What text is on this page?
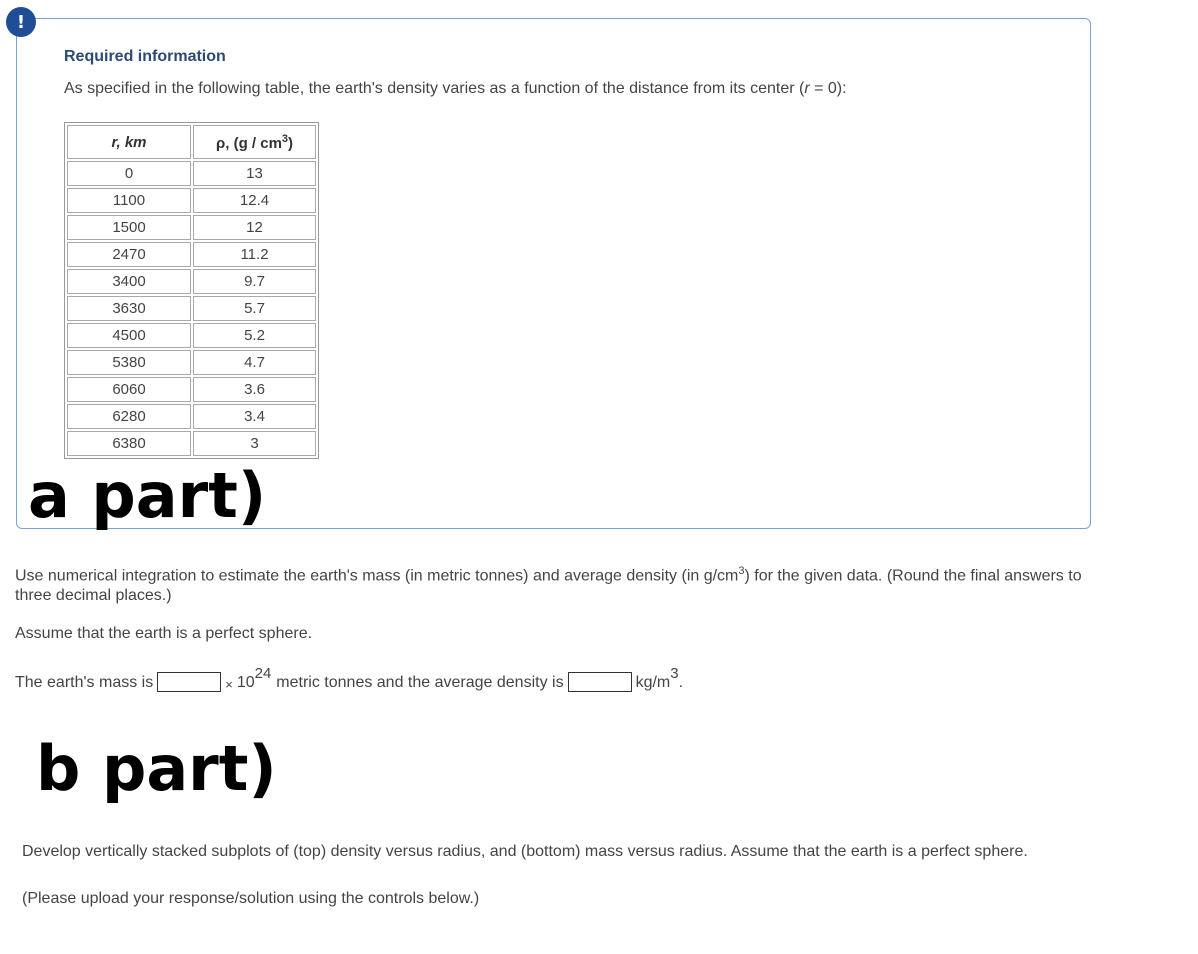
!
Required information
As specified in the following table, the earth's density varies as a function of the distance from its center (r = 0):
r, km	ρ, $(g / cm^3)$
0	13
1100	12.4
1500	12
2470	11.2
3400	9.7
3630	5.7
4500	5.2
5380	4.7
6060	3.6
6280	3.4
6380	3
a part)
Use numerical integration to estimate the earth's mass (in metric tonnes) and average density (in $g/cm^3$) for the given data. (Round the final answers to three decimal places.)
Assume that the earth is a perfect sphere.
The earth's mass is	× 10
$^{24}$
metric tonnes and the average density is	kg/m
$^3$
.
b part)
Develop vertically stacked subplots of (top) density versus radius, and (bottom) mass versus radius. Assume that the earth is a perfect sphere.
(Please upload your response/solution using the controls below.)
